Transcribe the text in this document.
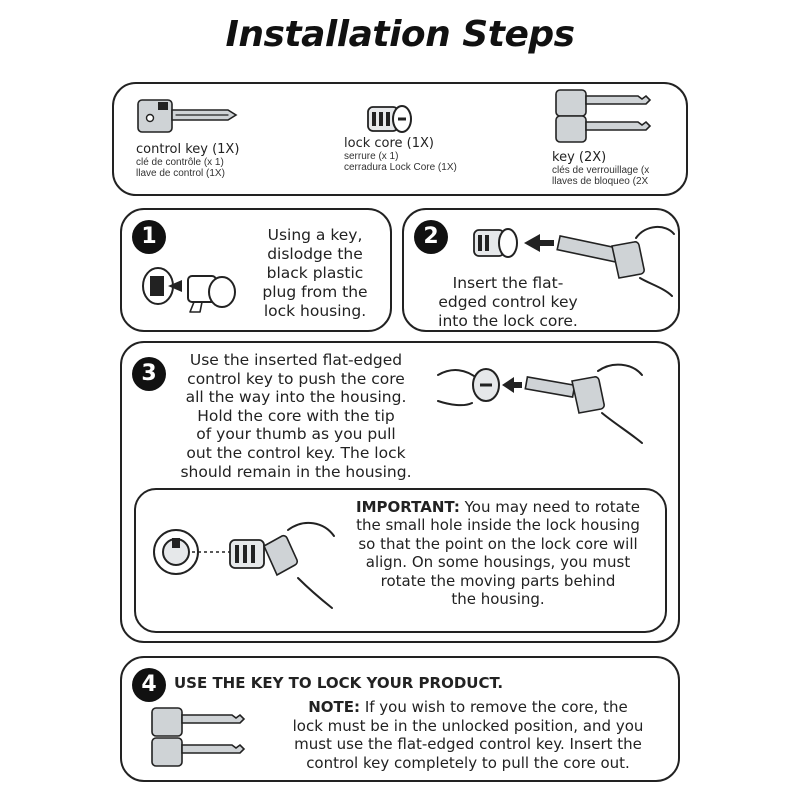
Installation Steps
control key (1X)
clé de contrôle (x 1)
llave de control (1X)
lock core (1X)
serrure (x 1)
cerradura Lock Core (1X)
key (2X)
clés de verrouillage (x
llaves de bloqueo (2X
1	Using a key,
dislodge the
black plastic
plug from the
lock housing.
2
Insert the flat-
edged control key
into the lock core.
3
Use the inserted flat-edged
control key to push the core
all the way into the housing.
Hold the core with the tip
of your thumb as you pull
out the control key. The lock
should remain in the housing.
IMPORTANT: You may need to rotate
the small hole inside the lock housing
so that the point on the lock core will
align. On some housings, you must
rotate the moving parts behind
the housing.
4	USE THE KEY TO LOCK YOUR PRODUCT.
NOTE: If you wish to remove the core, the
lock must be in the unlocked position, and you
must use the flat-edged control key. Insert the
control key completely to pull the core out.
